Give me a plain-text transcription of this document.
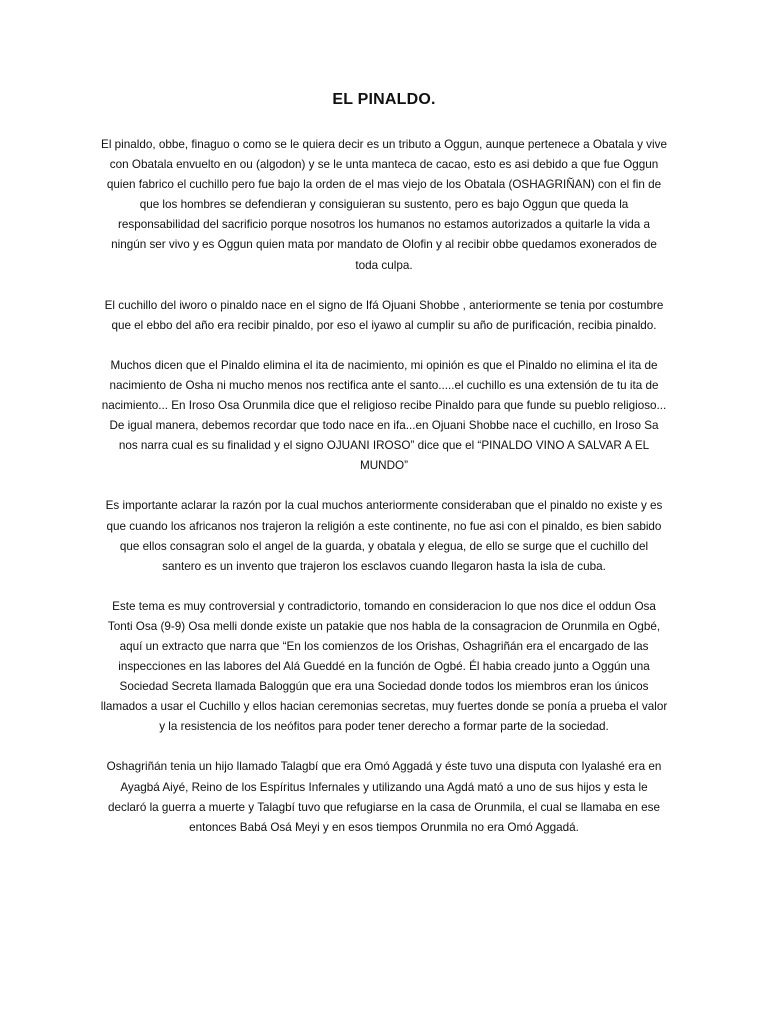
EL PINALDO.

El pinaldo, obbe, finaguo o como se le quiera decir es un tributo a Oggun, aunque pertenece a Obatala y vive con Obatala envuelto en ou (algodon) y se le unta manteca de cacao, esto es asi debido a que fue Oggun quien fabrico el cuchillo pero fue bajo la orden de el mas viejo de los Obatala (OSHAGRIÑAN) con el fin de que los hombres se defendieran y consiguieran su sustento, pero es bajo Oggun que queda la responsabilidad del sacrificio porque nosotros los humanos no estamos autorizados a quitarle la vida a ningún ser vivo y es Oggun quien mata por mandato de Olofin y al recibir obbe quedamos exonerados de toda culpa.

El cuchillo del iworo o pinaldo nace en el signo de Ifá Ojuani Shobbe , anteriormente se tenia por costumbre que el ebbo del año era recibir pinaldo, por eso el iyawo al cumplir su año de purificación, recibia pinaldo.

Muchos dicen que el Pinaldo elimina el ita de nacimiento, mi opinión es que el Pinaldo no elimina el ita de nacimiento de Osha ni mucho menos nos rectifica ante el santo.....el cuchillo es una extensión de tu ita de nacimiento... En Iroso Osa Orunmila dice que el religioso recibe Pinaldo para que funde su pueblo religioso... De igual manera, debemos recordar que todo nace en ifa...en Ojuani Shobbe nace el cuchillo, en Iroso Sa nos narra cual es su finalidad y el signo OJUANI IROSO” dice que el “PINALDO VINO A SALVAR A EL MUNDO”

Es importante aclarar la razón por la cual muchos anteriormente consideraban que el pinaldo no existe y es que cuando los africanos nos trajeron la religión a este continente, no fue asi con el pinaldo, es bien sabido que ellos consagran solo el angel de la guarda, y obatala y elegua, de ello se surge que el cuchillo del santero es un invento que trajeron los esclavos cuando llegaron hasta la isla de cuba.

Este tema es muy controversial y contradictorio, tomando en consideracion lo que nos dice el oddun Osa Tonti Osa (9-9) Osa melli donde existe un patakie que nos habla de la consagracion de Orunmila en Ogbé, aquí un extracto que narra que “En los comienzos de los Orishas, Oshagriñán era el encargado de las inspecciones en las labores del Alá Gueddé en la función de Ogbé. Él habia creado junto a Oggún una Sociedad Secreta llamada Baloggún que era una Sociedad donde todos los miembros eran los únicos llamados a usar el Cuchillo y ellos hacian ceremonias secretas, muy fuertes donde se ponía a prueba el valor y la resistencia de los neófitos para poder tener derecho a formar parte de la sociedad.

Oshagriñán tenia un hijo llamado Talagbí que era Omó Aggadá y éste tuvo una disputa con Iyalashé era en Ayagbá Aiyé, Reino de los Espíritus Infernales y utilizando una Agdá mató a uno de sus hijos y esta le declaró la guerra a muerte y Talagbí tuvo que refugiarse en la casa de Orunmila, el cual se llamaba en ese entonces Babá Osá Meyi y en esos tiempos Orunmila no era Omó Aggadá.
